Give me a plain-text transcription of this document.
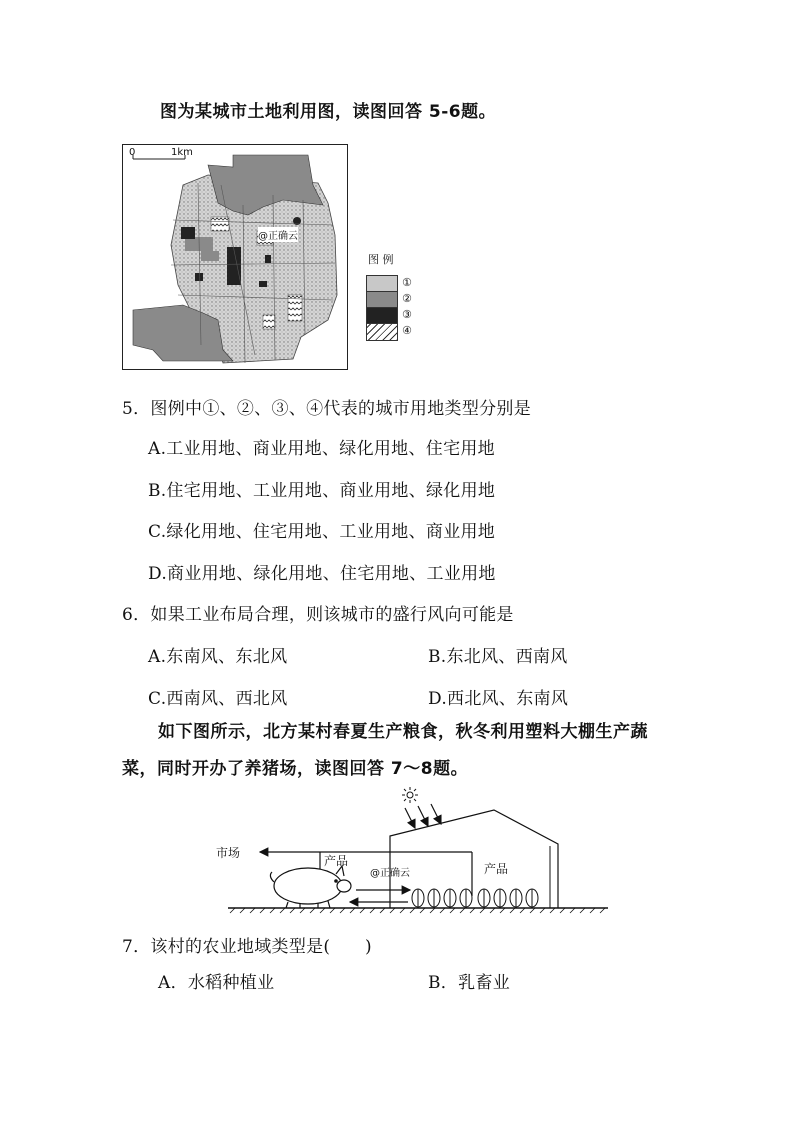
图为某城市土地利用图，读图回答 5-6题。
0	1km
@正确云
图 例
①
②
③
④
5．图例中①、②、③、④代表的城市用地类型分别是
A.工业用地、商业用地、绿化用地、住宅用地
B.住宅用地、工业用地、商业用地、绿化用地
C.绿化用地、住宅用地、工业用地、商业用地
D.商业用地、绿化用地、住宅用地、工业用地
6．如果工业布局合理，则该城市的盛行风向可能是
A.东南风、东北风	B.东北风、西南风
C.西南风、西北风	D.西北风、东南风
如下图所示，北方某村春夏生产粮食，秋冬利用塑料大棚生产蔬
菜，同时开办了养猪场，读图回答 7～8题。
市场
产品
产品
@正确云
7．该村的农业地域类型是(　　)
A．水稻种植业	B．乳畜业
